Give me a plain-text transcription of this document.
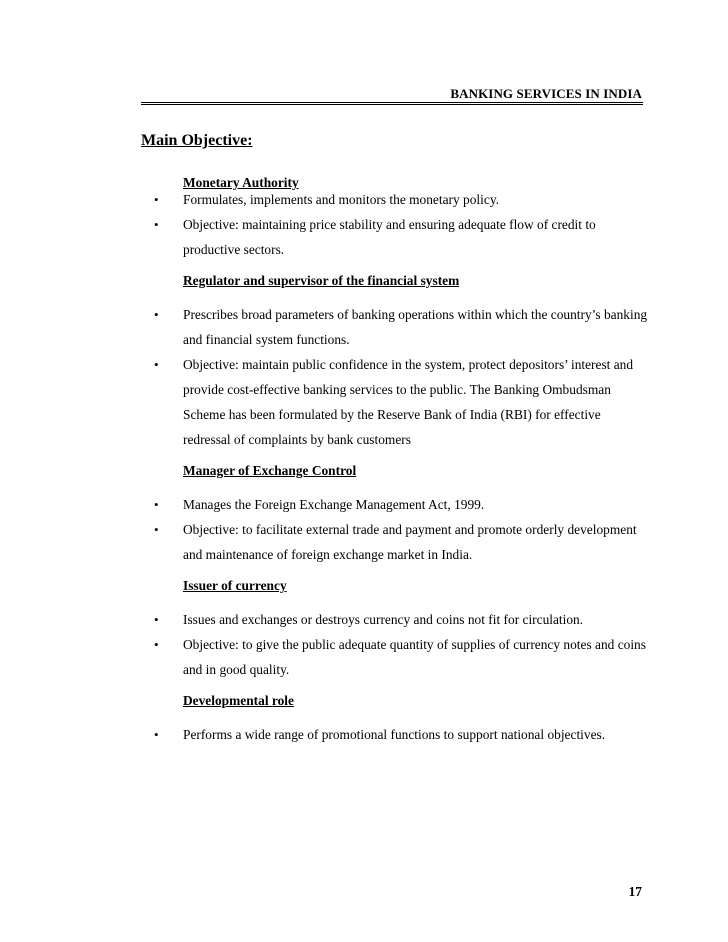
BANKING SERVICES IN INDIA
Main Objective:
Monetary Authority
• Formulates, implements and monitors the monetary policy.
• Objective: maintaining price stability and ensuring adequate flow of credit to productive sectors.
Regulator and supervisor of the financial system
• Prescribes broad parameters of banking operations within which the country’s banking and financial system functions.
• Objective: maintain public confidence in the system, protect depositors’ interest and provide cost-effective banking services to the public. The Banking Ombudsman Scheme has been formulated by the Reserve Bank of India (RBI) for effective redressal of complaints by bank customers
Manager of Exchange Control
• Manages the Foreign Exchange Management Act, 1999.
• Objective: to facilitate external trade and payment and promote orderly development and maintenance of foreign exchange market in India.
Issuer of currency
• Issues and exchanges or destroys currency and coins not fit for circulation.
• Objective: to give the public adequate quantity of supplies of currency notes and coins and in good quality.
Developmental role
• Performs a wide range of promotional functions to support national objectives.
17
